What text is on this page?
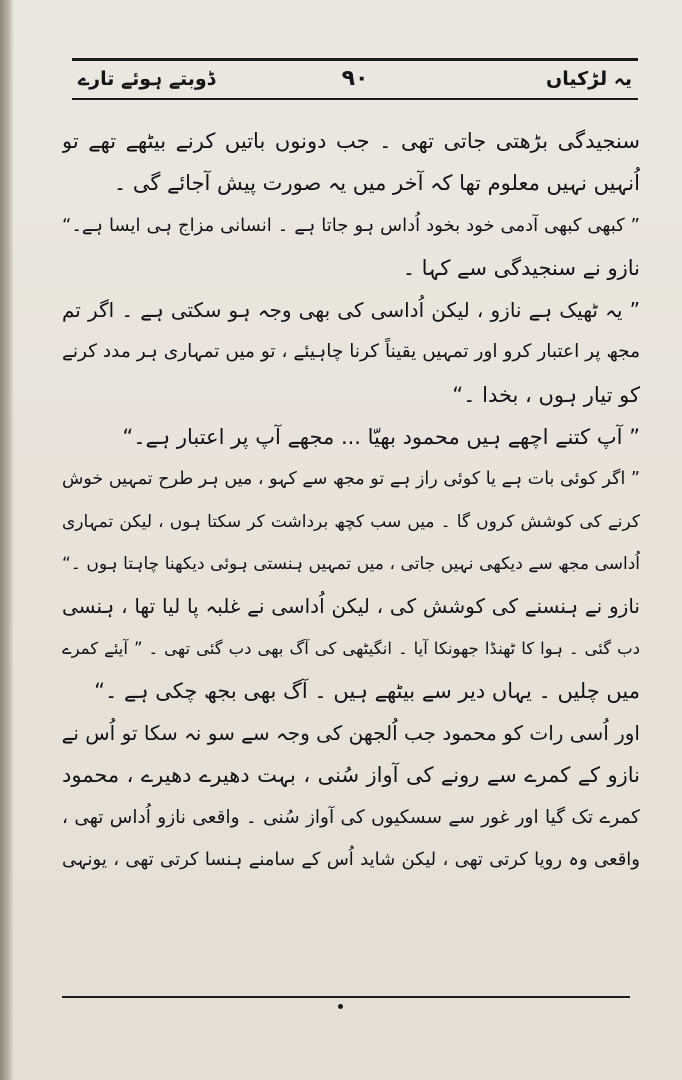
یہ لڑکیاں
۹۰
ڈوبتے ہوئے تارے
سنجیدگی بڑھتی جاتی تھی ۔ جب دونوں باتیں کرنے بیٹھے تھے تو
اُنہیں نہیں معلوم تھا کہ آخر میں یہ صورت پیش آجائے گی ۔
” کبھی کبھی آدمی خود بخود اُداس ہو جاتا ہے ۔ انسانی مزاج ہی ایسا ہے۔“
نازو نے سنجیدگی سے کہا ۔
” یہ ٹھیک ہے نازو ، لیکن اُداسی کی بھی وجہ ہو سکتی ہے ۔ اگر تم
مجھ پر اعتبار کرو اور تمہیں یقیناً کرنا چاہیئے ، تو میں تمہاری ہر مدد کرنے
کو تیار ہوں ، بخدا ۔“
” آپ کتنے اچھے ہیں محمود بھیّا ... مجھے آپ پر اعتبار ہے۔“
” اگر کوئی بات ہے یا کوئی راز ہے تو مجھ سے کہو ، میں ہر طرح تمہیں خوش
کرنے کی کوشش کروں گا ۔ میں سب کچھ برداشت کر سکتا ہوں ، لیکن تمہاری
اُداسی مجھ سے دیکھی نہیں جاتی ، میں تمہیں ہنستی ہوئی دیکھنا چاہتا ہوں ۔“
نازو نے ہنسنے کی کوشش کی ، لیکن اُداسی نے غلبہ پا لیا تھا ، ہنسی
دب گئی ۔ ہوا کا ٹھنڈا جھونکا آیا ۔ انگیٹھی کی آگ بھی دب گئی تھی ۔ ” آیئے کمرے
میں چلیں ۔ یہاں دیر سے بیٹھے ہیں ۔ آگ بھی بجھ چکی ہے ۔“
اور اُسی رات کو محمود جب اُلجھن کی وجہ سے سو نہ سکا تو اُس نے
نازو کے کمرے سے رونے کی آواز سُنی ، بہت دھیرے دھیرے ، محمود
کمرے تک گیا اور غور سے سسکیوں کی آواز سُنی ۔ واقعی نازو اُداس تھی ،
واقعی وہ رویا کرتی تھی ، لیکن شاید اُس کے سامنے ہنسا کرتی تھی ، یونہی
